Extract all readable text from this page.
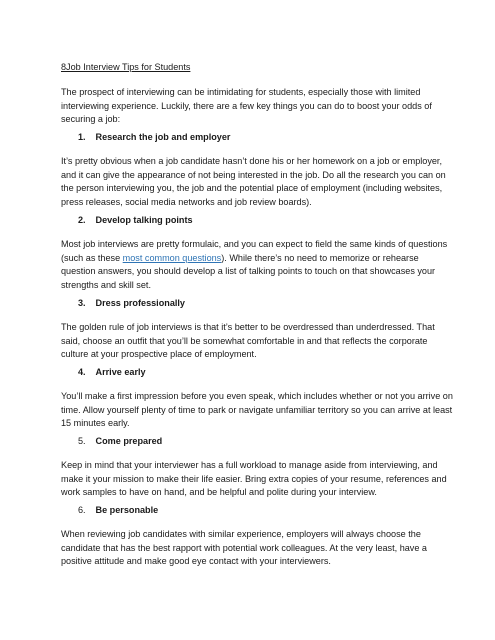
8Job Interview Tips for Students

The prospect of interviewing can be intimidating for students, especially those with limited interviewing experience. Luckily, there are a few key things you can do to boost your odds of securing a job:

1. Research the job and employer

It’s pretty obvious when a job candidate hasn’t done his or her homework on a job or employer, and it can give the appearance of not being interested in the job. Do all the research you can on the person interviewing you, the job and the potential place of employment (including websites, press releases, social media networks and job review boards).

2. Develop talking points

Most job interviews are pretty formulaic, and you can expect to field the same kinds of questions (such as these most common questions). While there’s no need to memorize or rehearse question answers, you should develop a list of talking points to touch on that showcases your strengths and skill set.

3. Dress professionally

The golden rule of job interviews is that it’s better to be overdressed than underdressed. That said, choose an outfit that you’ll be somewhat comfortable in and that reflects the corporate culture at your prospective place of employment.

4. Arrive early

You’ll make a first impression before you even speak, which includes whether or not you arrive on time. Allow yourself plenty of time to park or navigate unfamiliar territory so you can arrive at least 15 minutes early.

5. Come prepared

Keep in mind that your interviewer has a full workload to manage aside from interviewing, and make it your mission to make their life easier. Bring extra copies of your resume, references and work samples to have on hand, and be helpful and polite during your interview.

6. Be personable

When reviewing job candidates with similar experience, employers will always choose the candidate that has the best rapport with potential work colleagues. At the very least, have a positive attitude and make good eye contact with your interviewers.
